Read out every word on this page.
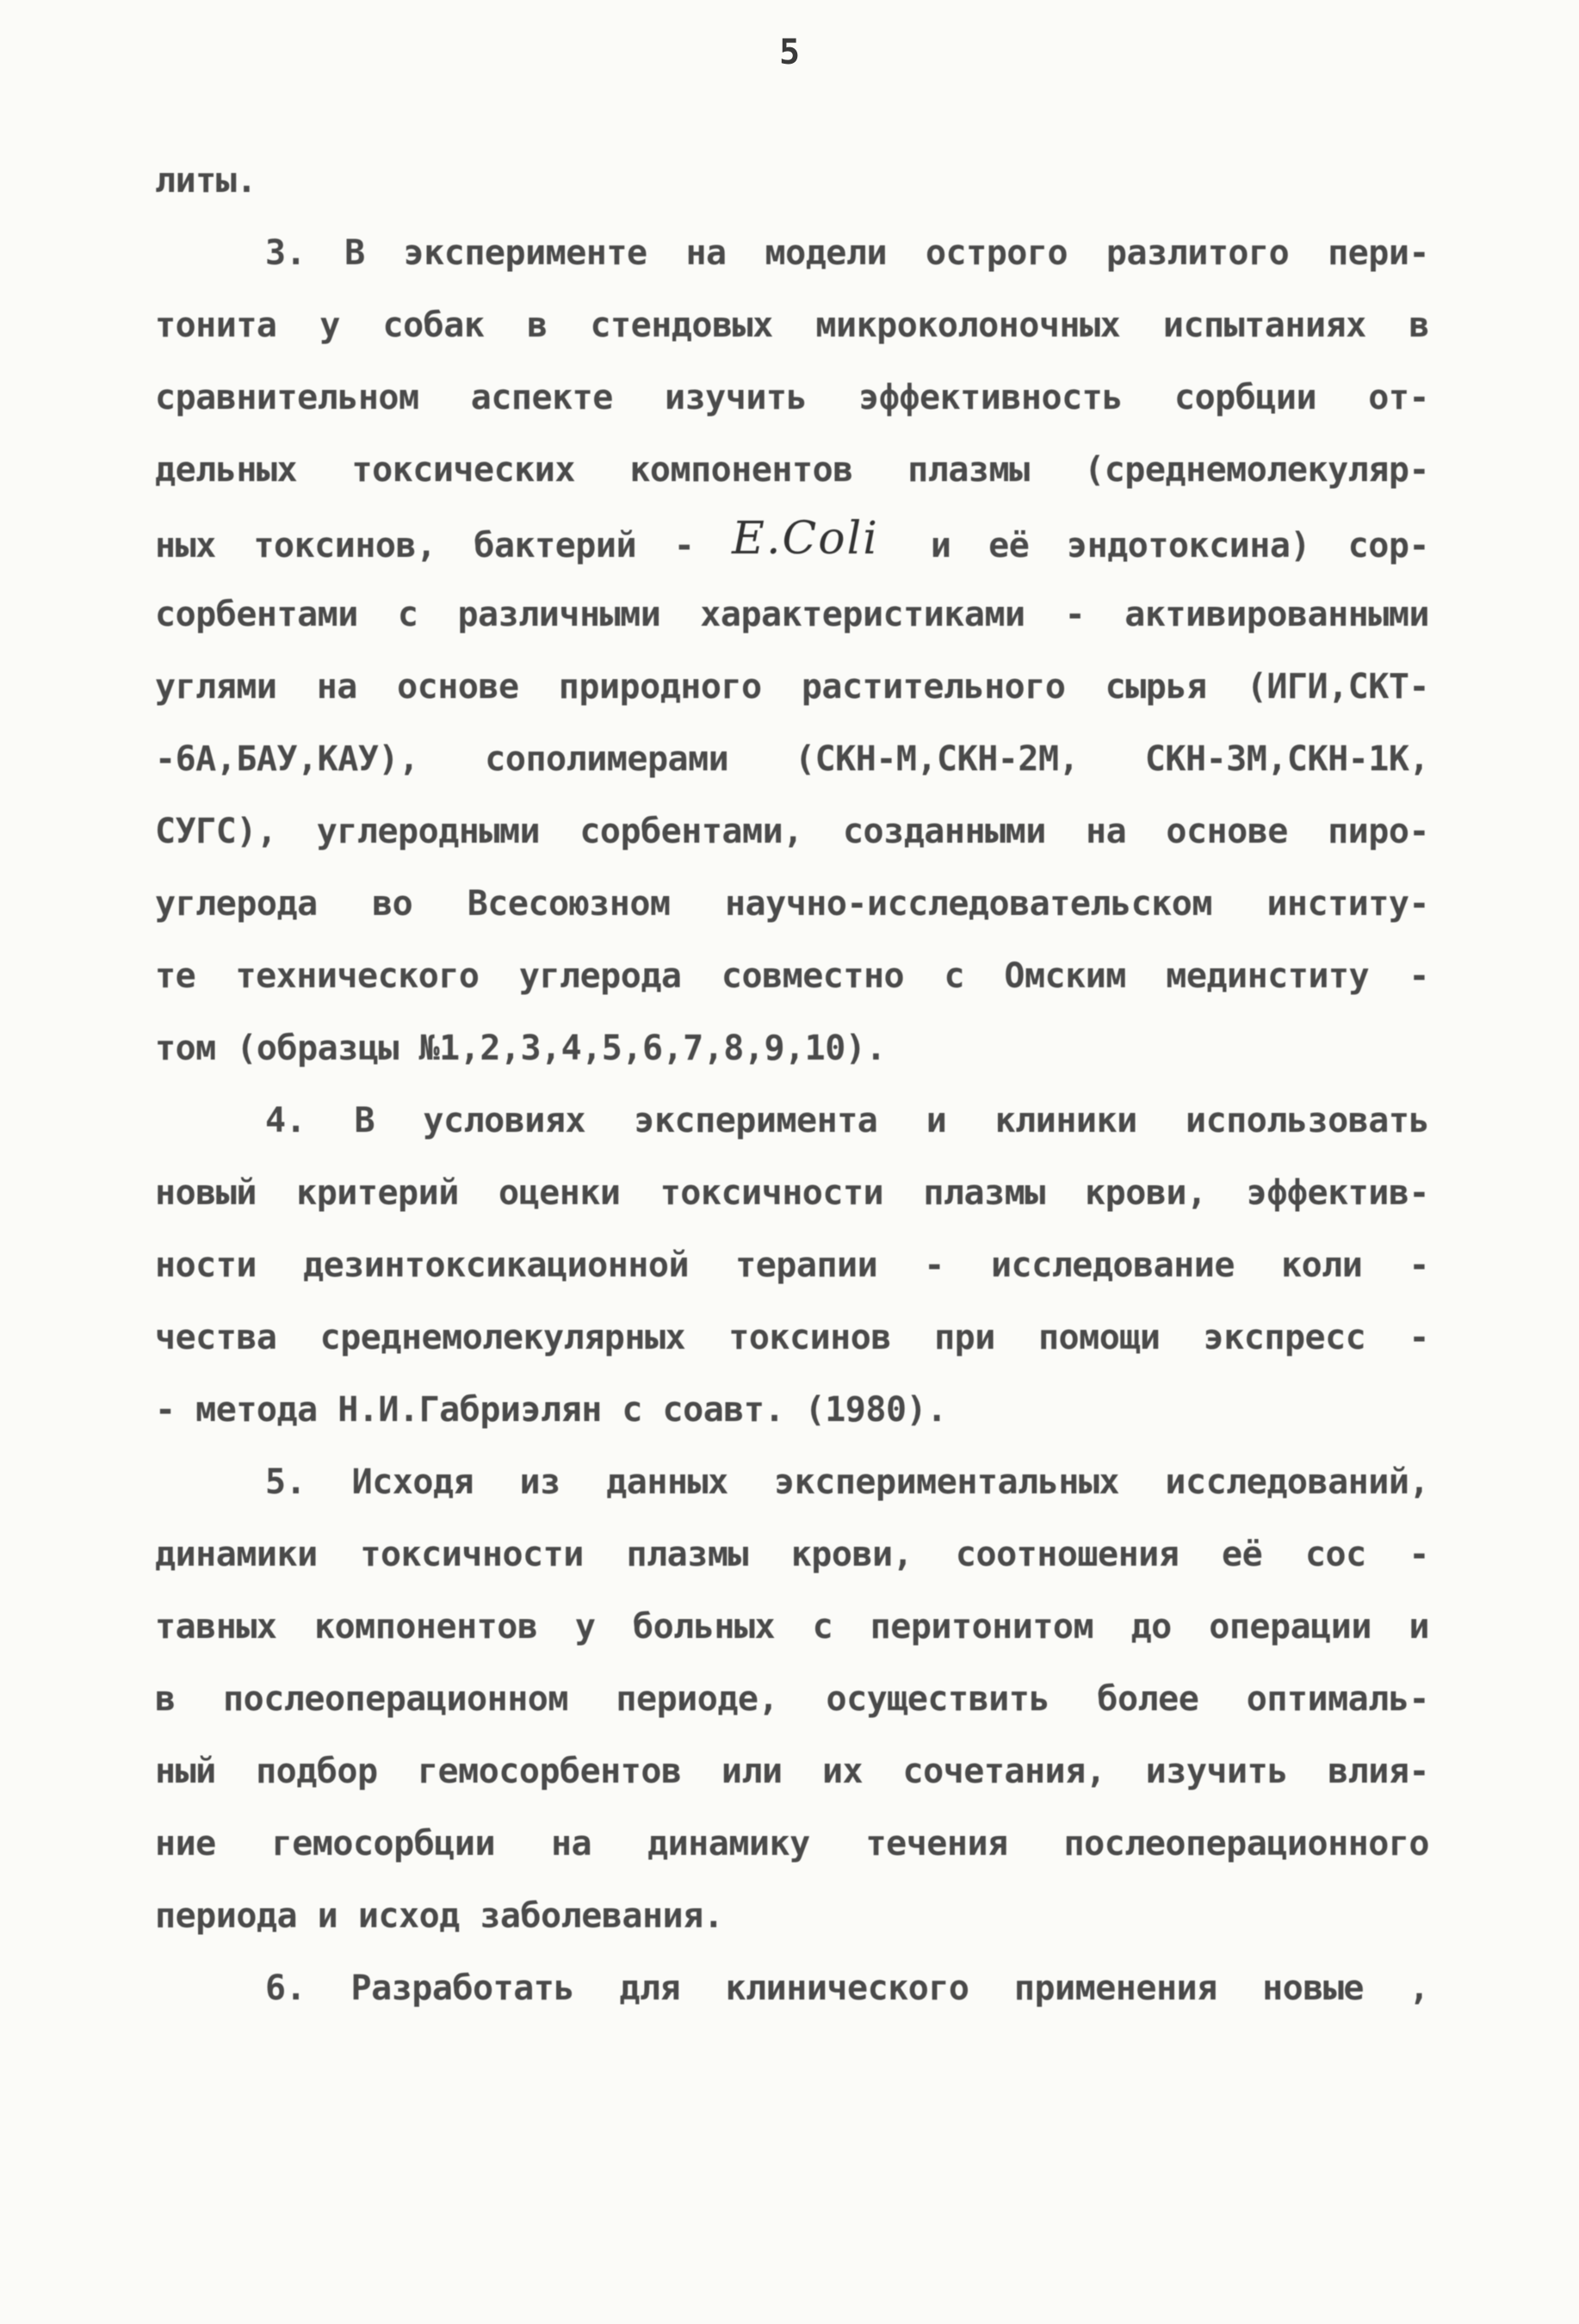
5
литы.
3. В эксперименте на модели острого разлитого пери-
тонита у собак в стендовых микроколоночных испытаниях в
сравнительном аспекте изучить эффективность сорбции от-
дельных токсических компонентов плазмы (среднемолекуляр-
ных токсинов, бактерий - E.Coli и её эндотоксина) сор-
сорбентами с различными характеристиками - активированными
углями на основе природного растительного сырья (ИГИ,СКТ-
-6А,БАУ,КАУ), сополимерами (СКН-М,СКН-2М, СКН-3М,СКН-1К,
СУГС), углеродными сорбентами, созданными на основе пиро-
углерода во Всесоюзном научно-исследовательском институ-
те технического углерода совместно с Омским мединститу -
том (образцы №1,2,3,4,5,6,7,8,9,10).
4. В условиях эксперимента и клиники использовать
новый критерий оценки токсичности плазмы крови, эффектив-
ности дезинтоксикационной терапии - исследование коли -
чества среднемолекулярных токсинов при помощи экспресс -
- метода Н.И.Габриэлян с соавт. (1980).
5. Исходя из данных экспериментальных исследований,
динамики токсичности плазмы крови, соотношения её сос -
тавных компонентов у больных с перитонитом до операции и
в послеоперационном периоде, осуществить более оптималь-
ный подбор гемосорбентов или их сочетания, изучить влия-
ние гемосорбции на динамику течения послеоперационного
периода и исход заболевания.
6. Разработать для клинического применения новые ,
